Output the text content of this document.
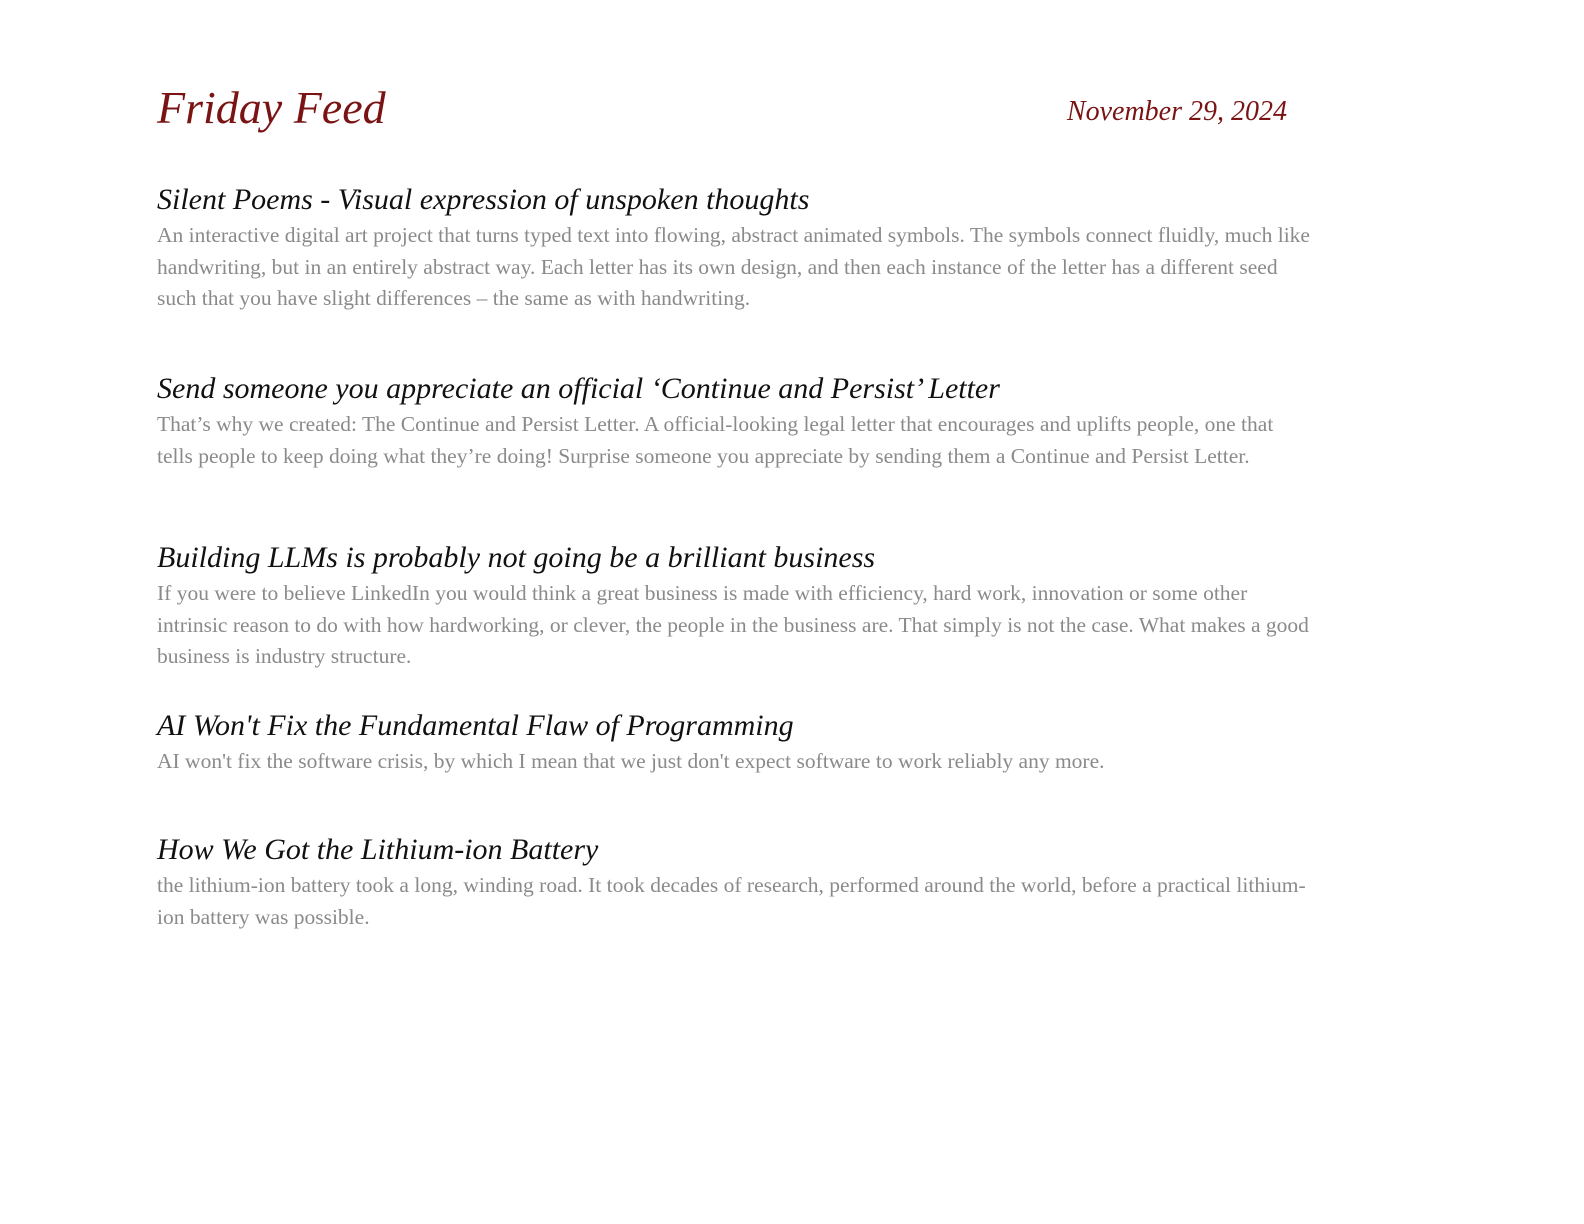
Friday Feed	November 29, 2024
Silent Poems - Visual expression of unspoken thoughts

An interactive digital art project that turns typed text into flowing, abstract animated symbols. The symbols connect fluidly, much like handwriting, but in an entirely abstract way. Each letter has its own design, and then each instance of the letter has a different seed such that you have slight differences – the same as with handwriting.

Send someone you appreciate an official ‘Continue and Persist’ Letter

That’s why we created: The Continue and Persist Letter. A official-looking legal letter that encourages and uplifts people, one that tells people to keep doing what they’re doing! Surprise someone you appreciate by sending them a Continue and Persist Letter.

Building LLMs is probably not going be a brilliant business

If you were to believe LinkedIn you would think a great business is made with efficiency, hard work, innovation or some other intrinsic reason to do with how hardworking, or clever, the people in the business are. That simply is not the case. What makes a good business is industry structure.

AI Won't Fix the Fundamental Flaw of Programming

AI won't fix the software crisis, by which I mean that we just don't expect software to work reliably any more.

How We Got the Lithium-ion Battery

the lithium-ion battery took a long, winding road. It took decades of research, performed around the world, before a practical lithium-ion battery was possible.
